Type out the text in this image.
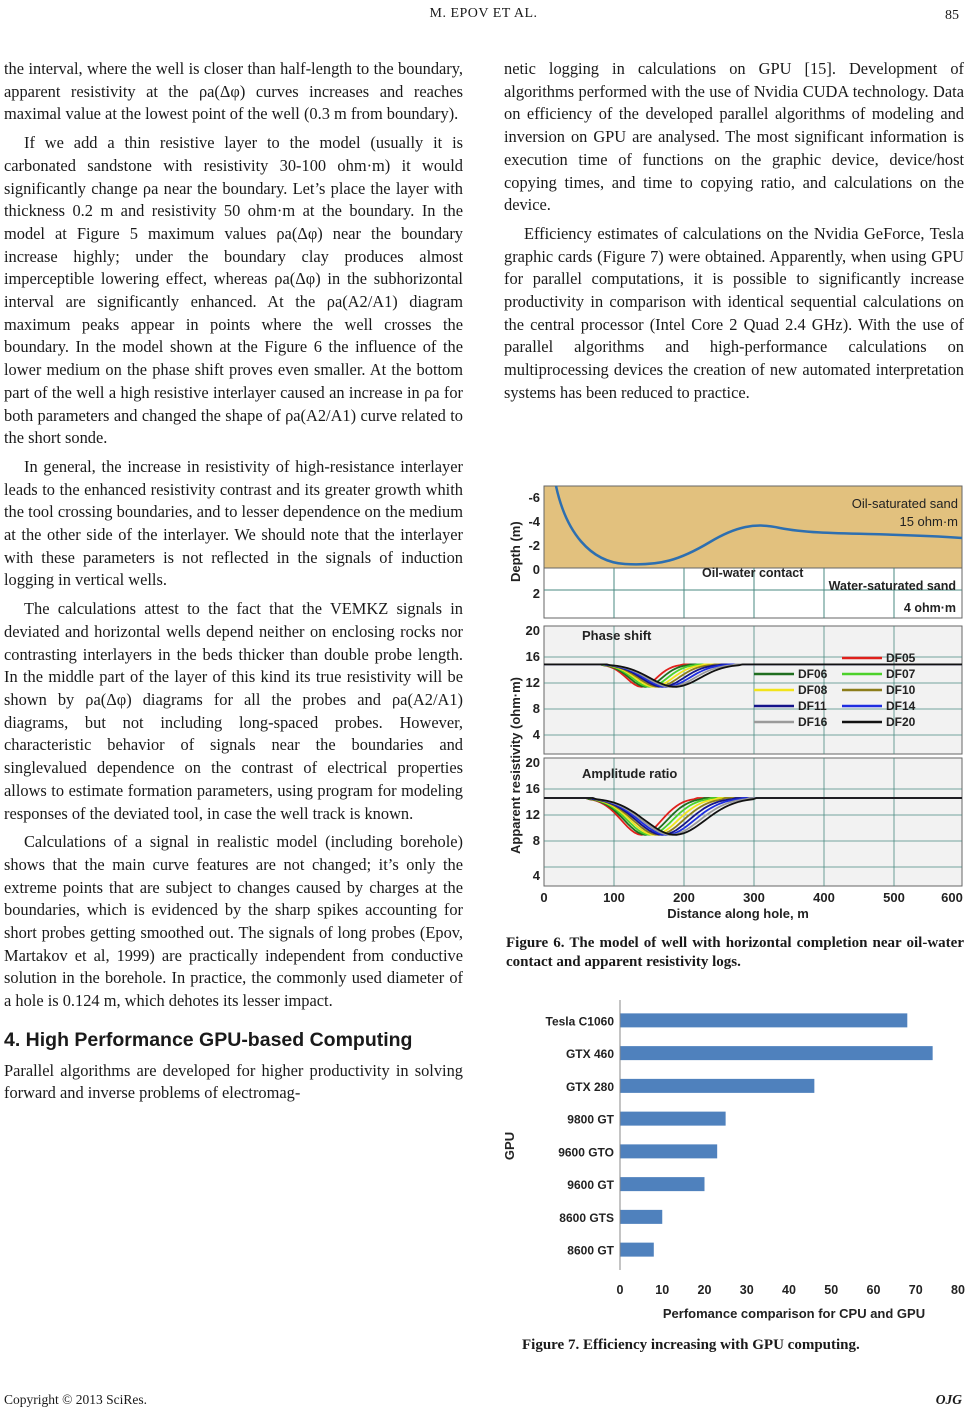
M. EPOV ET AL.	85

the interval, where the well is closer than half-length to the boundary, apparent resistivity at the ρa(Δφ) curves increases and reaches maximal value at the lowest point of the well (0.3 m from boundary).

If we add a thin resistive layer to the model (usually it is carbonated sandstone with resistivity 30-100 ohm·m) it would significantly change ρa near the boundary. Let’s place the layer with thickness 0.2 m and resistivity 50 ohm·m at the boundary. In the model at Figure 5 maximum values ρa(Δφ) near the boundary increase highly; under the boundary clay produces almost imperceptible lowering effect, whereas ρa(Δφ) in the subhorizontal interval are significantly enhanced. At the ρa(A2/A1) diagram maximum peaks appear in points where the well crosses the boundary. In the model shown at the Figure 6 the influence of the lower medium on the phase shift proves even smaller. At the bottom part of the well a high resistive interlayer caused an increase in ρa for both parameters and changed the shape of ρa(A2/A1) curve related to the short sonde.

In general, the increase in resistivity of high-resistance interlayer leads to the enhanced resistivity contrast and its greater growth whith the tool crossing boundaries, and to lesser dependence on the medium at the other side of the interlayer. We should note that the interlayer with these parameters is not reflected in the signals of induction logging in vertical wells.

The calculations attest to the fact that the VEMKZ signals in deviated and horizontal wells depend neither on enclosing rocks nor contrasting interlayers in the beds thicker than double probe length. In the middle part of the layer of this kind its true resistivity will be shown by ρa(Δφ) diagrams for all the probes and ρa(A2/A1) diagrams, but not including long-spaced probes. However, characteristic behavior of signals near the boundaries and singlevalued dependence on the contrast of electrical properties allows to estimate formation parameters, using program for modeling responses of the deviated tool, in case the well track is known.

Calculations of a signal in realistic model (including borehole) shows that the main curve features are not changed; it’s only the extreme points that are subject to changes caused by charges at the boundaries, which is evidenced by the sharp spikes accounting for short probes getting smoothed out. The signals of long probes (Epov, Martakov et al, 1999) are practically independent from conductive solution in the borehole. In practice, the commonly used diameter of a hole is 0.124 m, which dehotes its lesser impact.

4. High Performance GPU-based Computing

Parallel algorithms are developed for higher productivity in solving forward and inverse problems of electromag-

netic logging in calculations on GPU [15]. Development of algorithms performed with the use of Nvidia CUDA technology. Data on efficiency of the developed parallel algorithms of modeling and inversion on GPU are analysed. The most significant information is execution time of functions on the graphic device, device/host copying times, and time to copying ratio, and calculations on the device.

Efficiency estimates of calculations on the Nvidia GeForce, Tesla graphic cards (Figure 7) were obtained. Apparently, when using GPU for parallel computations, it is possible to significantly increase productivity in comparison with identical sequential calculations on the central processor (Intel Core 2 Quad 2.4 GHz). With the use of parallel algorithms and high-performance calculations on multiprocessing devices the creation of new automated interpretation systems has been reduced to practice.

Oil-saturated sand
15 ohm·m
Oil-water contact
Water-saturated sand
4 ohm·m
-6
-4
-2
0
2
Depth (m)
Phase shift
20
16
12
8
4
DF05
DF06	DF07
DF08	DF10
DF11	DF14
DF16	DF20
Amplitude ratio
20
16
12
8
4
Apparent resistivity (ohm·m)
0	100	200	300	400	500	600
Distance along hole, m
Figure 6. The model of well with horizontal completion near oil-water contact and apparent resistivity logs.
GPU
Perfomance comparison for CPU and GPU
Tesla C1060
GTX 460
GTX 280
9800 GT
9600 GTO
9600 GT
8600 GTS
8600 GT
0	10 20 30 40 50 60 70 80
Figure 7. Efficiency increasing with GPU computing.
Copyright © 2013 SciRes.	OJG
